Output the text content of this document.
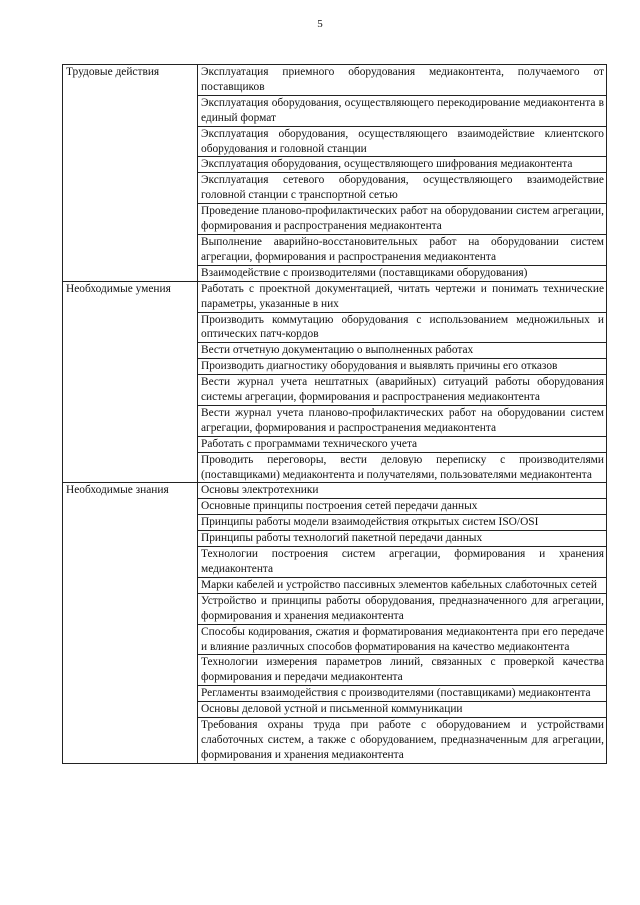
5
Трудовые действия	Эксплуатация приемного оборудования медиаконтента, получаемого от поставщиков
	Эксплуатация оборудования, осуществляющего перекодирование медиаконтента в единый формат
	Эксплуатация оборудования, осуществляющего взаимодействие клиентского оборудования и головной станции
	Эксплуатация оборудования, осуществляющего шифрования медиаконтента
	Эксплуатация сетевого оборудования, осуществляющего взаимодействие головной станции с транспортной сетью
	Проведение планово-профилактических работ на оборудовании систем агрегации, формирования и распространения медиаконтента
	Выполнение аварийно-восстановительных работ на оборудовании систем агрегации, формирования и распространения медиаконтента
	Взаимодействие с производителями (поставщиками оборудования)
Необходимые умения	Работать с проектной документацией, читать чертежи и понимать технические параметры, указанные в них
	Производить коммутацию оборудования с использованием медножильных и оптических патч-кордов
	Вести отчетную документацию о выполненных работах
	Производить диагностику оборудования и выявлять причины его отказов
	Вести журнал учета нештатных (аварийных) ситуаций работы оборудования системы агрегации, формирования и распространения медиаконтента
	Вести журнал учета планово-профилактических работ на оборудовании систем агрегации, формирования и распространения медиаконтента
	Работать с программами технического учета
	Проводить переговоры, вести деловую переписку с производителями (поставщиками) медиаконтента и получателями, пользователями медиаконтента
Необходимые знания	Основы электротехники
	Основные принципы построения сетей передачи данных
	Принципы работы модели взаимодействия открытых систем ISO/OSI
	Принципы работы технологий пакетной передачи данных
	Технологии построения систем агрегации, формирования и хранения медиаконтента
	Марки кабелей и устройство пассивных элементов кабельных слаботочных сетей
	Устройство и принципы работы оборудования, предназначенного для агрегации, формирования и хранения медиаконтента
	Способы кодирования, сжатия и форматирования медиаконтента при его передаче и влияние различных способов форматирования на качество медиаконтента
	Технологии измерения параметров линий, связанных с проверкой качества формирования и передачи медиаконтента
	Регламенты взаимодействия с производителями (поставщиками) медиаконтента
	Основы деловой устной и письменной коммуникации
	Требования охраны труда при работе с оборудованием и устройствами слаботочных систем, а также с оборудованием, предназначенным для агрегации, формирования и хранения медиаконтента
